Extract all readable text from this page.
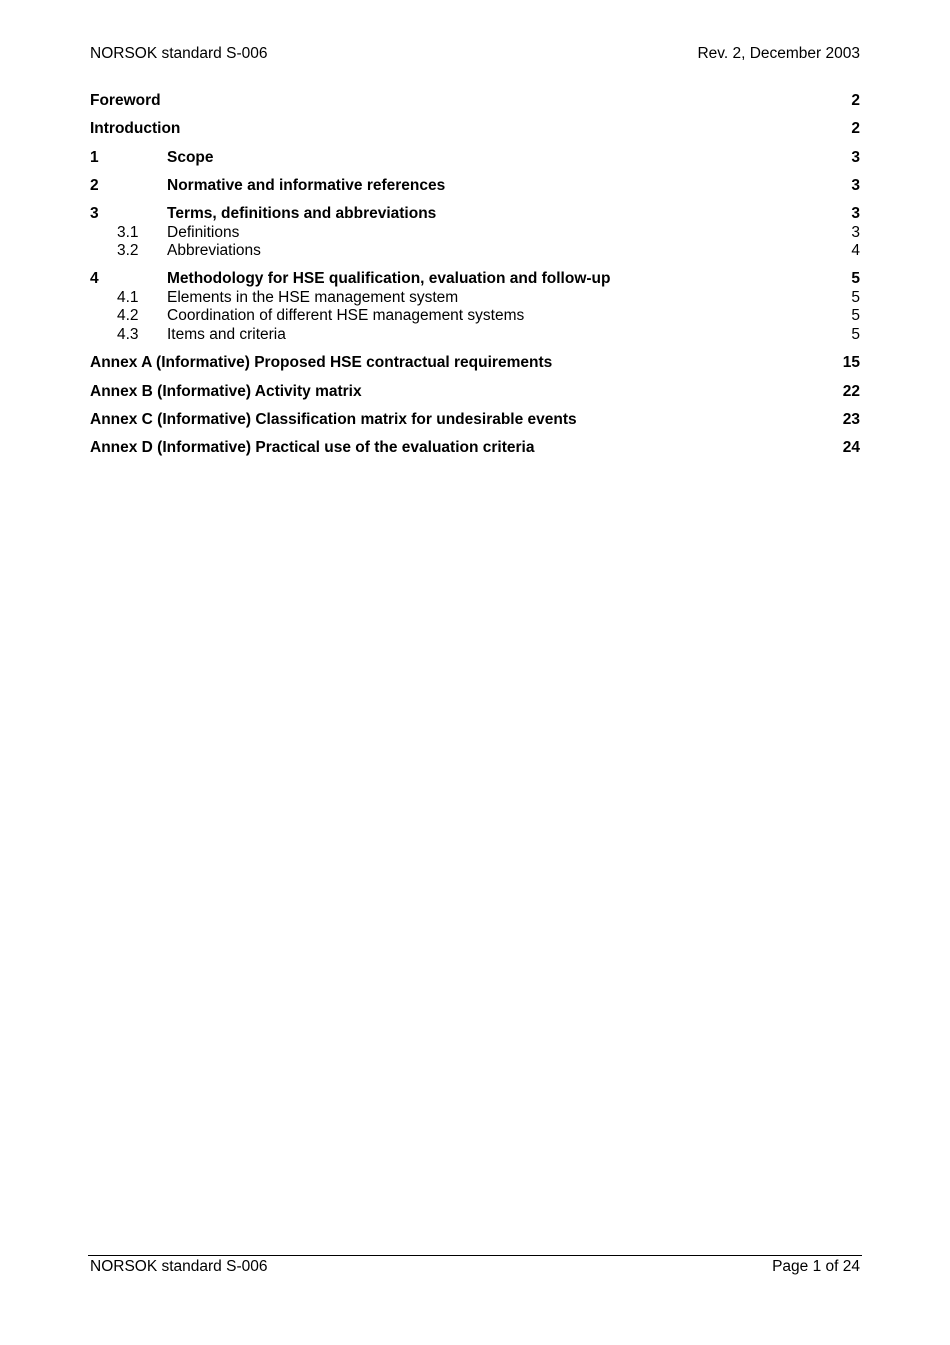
NORSOK standard S-006	Rev. 2, December 2003
Foreword	2
Introduction	2
1	Scope	3
2	Normative and informative references	3
3	Terms, definitions and abbreviations	3
3.1	Definitions	3
3.2	Abbreviations	4
4	Methodology for HSE qualification, evaluation and follow-up	5
4.1	Elements in the HSE management system	5
4.2	Coordination of different HSE management systems	5
4.3	Items and criteria	5
Annex A (Informative) Proposed HSE contractual requirements	15
Annex B (Informative) Activity matrix	22
Annex C (Informative) Classification matrix for undesirable events	23
Annex D (Informative) Practical use of the evaluation criteria	24
NORSOK standard S-006	Page 1 of 24
